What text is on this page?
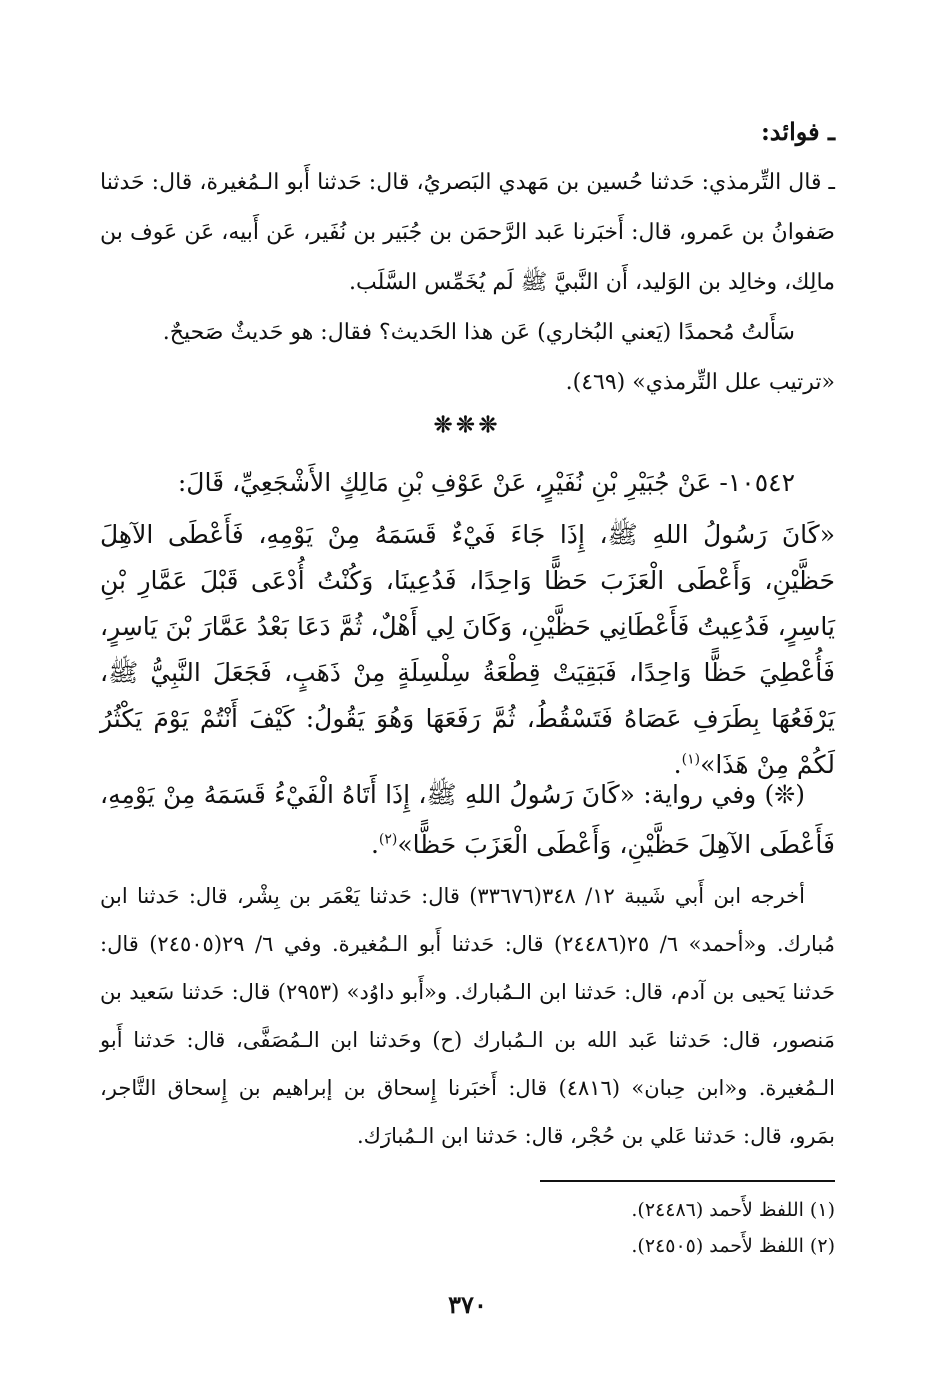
ـ فوائد:

ـ قال التِّرمذي: حَدثنا حُسين بن مَهدي البَصريُ، قال: حَدثنا أَبو الـمُغيرة، قال: حَدثنا صَفوانُ بن عَمرو، قال: أَخبَرنا عَبد الرَّحمَن بن جُبَير بن نُفَير، عَن أَبيه، عَن عَوف بن مالِك، وخالِد بن الوَليد، أَن النَّبيَّ ﷺ لَم يُخَمِّس السَّلَب.

سَأَلتُ مُحمدًا (يَعني البُخاري) عَن هذا الحَديث؟ فقال: هو حَديثٌ صَحيحٌ.

«ترتيب علل التِّرمذي» (٤٦٩).

❊❊❊
١٠٥٤٢- عَنْ جُبَيْرِ بْنِ نُفَيْرٍ، عَنْ عَوْفِ بْنِ مَالِكٍ الأَشْجَعِيِّ، قَالَ:
«كَانَ رَسُولُ اللهِ ﷺ، إِذَا جَاءَ فَيْءٌ قَسَمَهُ مِنْ يَوْمِهِ، فَأَعْطَى الآهِلَ حَظَّيْنِ، وَأَعْطَى الْعَزَبَ حَظًّا وَاحِدًا، فَدُعِينَا، وَكُنْتُ أُدْعَى قَبْلَ عَمَّارِ بْنِ يَاسِرٍ، فَدُعِيتُ فَأَعْطَانِي حَظَّيْنِ، وَكَانَ لِي أَهْلٌ، ثُمَّ دَعَا بَعْدُ عَمَّارَ بْنَ يَاسِرٍ، فَأُعْطِيَ حَظًّا وَاحِدًا، فَبَقِيَتْ قِطْعَةُ سِلْسِلَةٍ مِنْ ذَهَبٍ، فَجَعَلَ النَّبِيُّ ﷺ، يَرْفَعُهَا بِطَرَفِ عَصَاهُ فَتَسْقُطُ، ثُمَّ رَفَعَهَا وَهُوَ يَقُولُ: كَيْفَ أَنْتُمْ يَوْمَ يَكْثُرُ لَكُمْ مِنْ هَذَا»$^{(١)}$.
(❊) وفي رواية: «كَانَ رَسُولُ اللهِ ﷺ، إِذَا أَتَاهُ الْفَيْءُ قَسَمَهُ مِنْ يَوْمِهِ، فَأَعْطَى الآهِلَ حَظَّيْنِ، وَأَعْطَى الْعَزَبَ حَظًّا»$^{(٢)}$.
أخرجه ابن أَبي شَيبة ١٢/ ٣٤٨(٣٣٦٧٦) قال: حَدثنا يَعْمَر بن بِشْر، قال: حَدثنا ابن مُبارك. و«أحمد» ٦/ ٢٥(٢٤٤٨٦) قال: حَدثنا أَبو الـمُغيرة. وفي ٦/ ٢٩(٢٤٥٠٥) قال: حَدثنا يَحيى بن آدم، قال: حَدثنا ابن الـمُبارك. و«أَبو داوُد» (٢٩٥٣) قال: حَدثنا سَعيد بن مَنصور، قال: حَدثنا عَبد الله بن الـمُبارك (ح) وحَدثنا ابن الـمُصَفَّى، قال: حَدثنا أَبو الـمُغيرة. و«ابن حِبان» (٤٨١٦) قال: أَخبَرنا إِسحاق بن إبراهيم بن إِسحاق التَّاجر، بمَرو، قال: حَدثنا عَلي بن حُجْر، قال: حَدثنا ابن الـمُبارَك.

(١) اللفظ لأَحمد (٢٤٤٨٦).

(٢) اللفظ لأَحمد (٢٤٥٠٥).

٣٧٠
